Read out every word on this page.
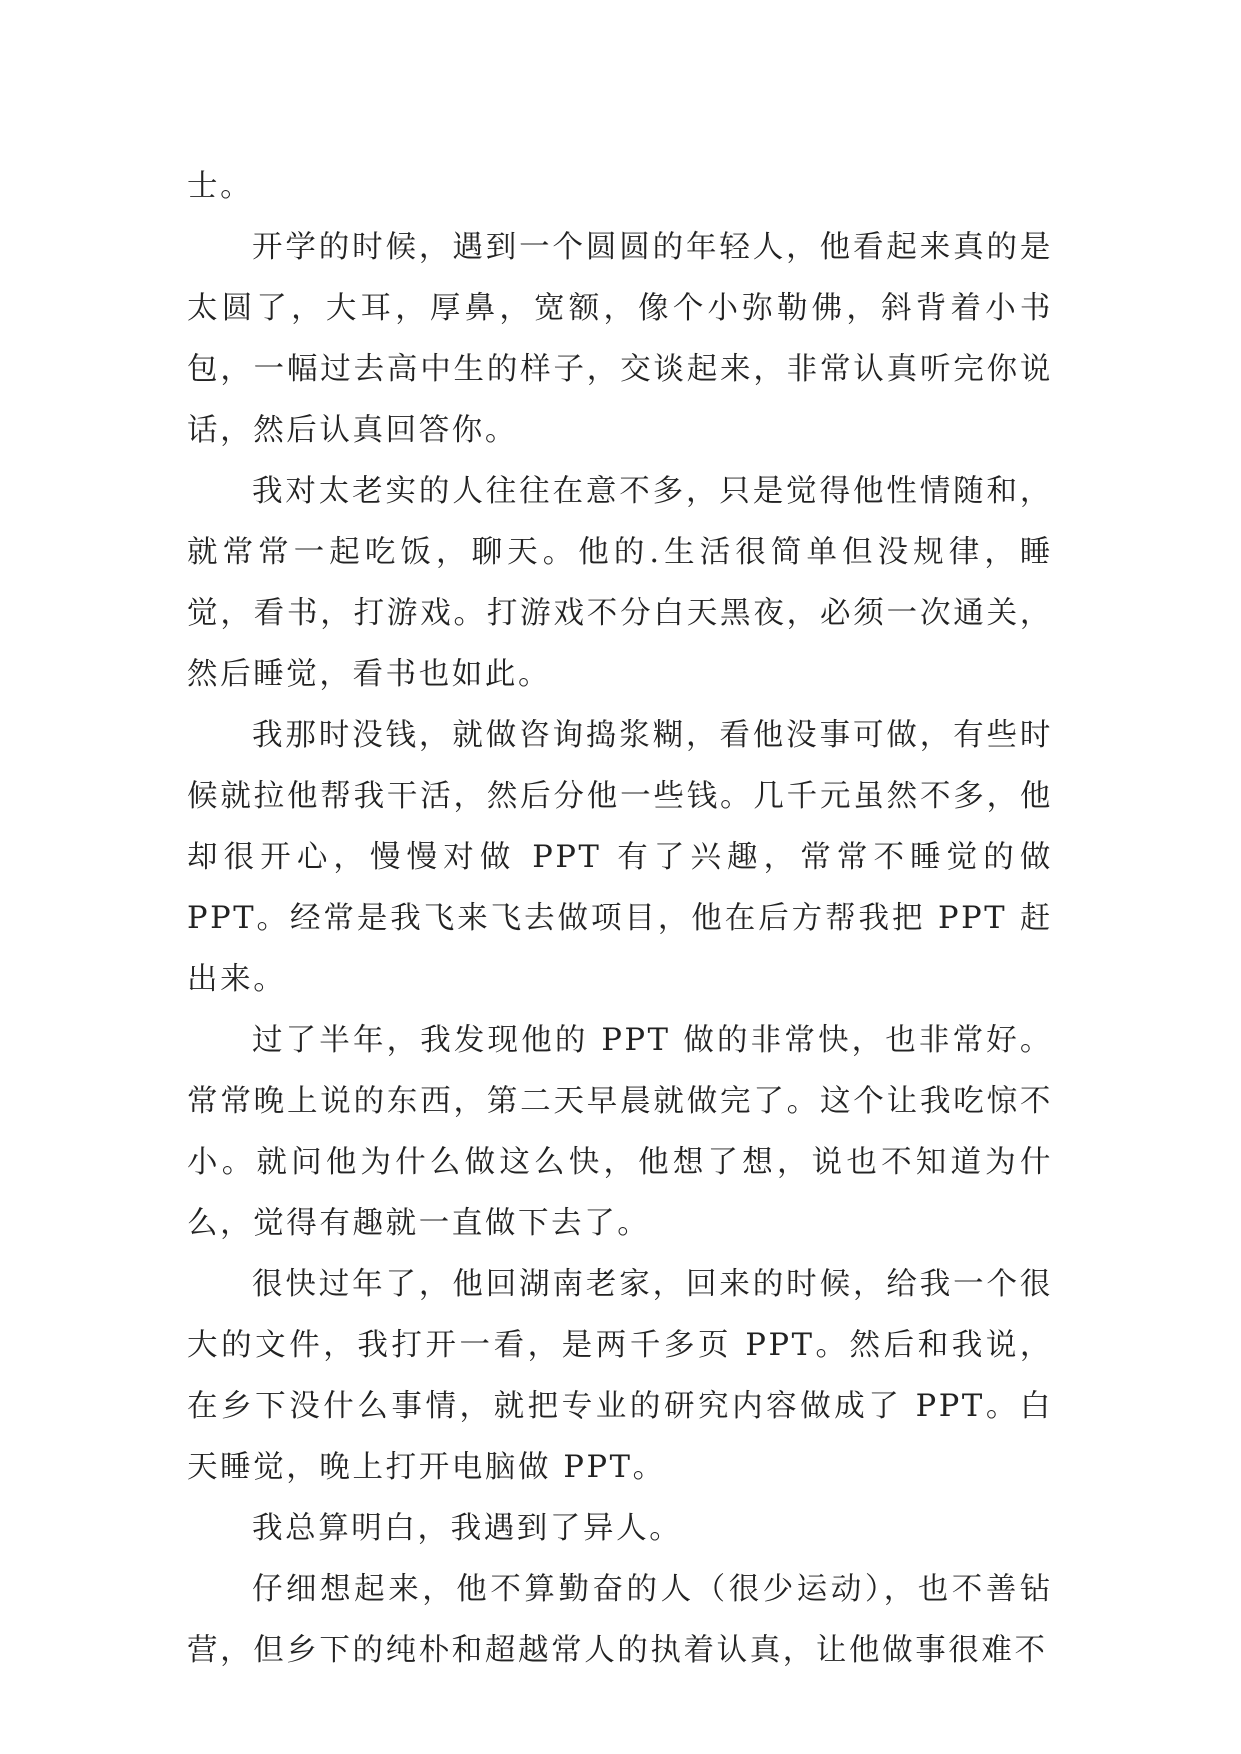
士。

开学的时候，遇到一个圆圆的年轻人，他看起来真的是太圆了，大耳，厚鼻，宽额，像个小弥勒佛，斜背着小书包，一幅过去高中生的样子，交谈起来，非常认真听完你说话，然后认真回答你。

我对太老实的人往往在意不多，只是觉得他性情随和，就常常一起吃饭，聊天。他的.生活很简单但没规律，睡觉，看书，打游戏。打游戏不分白天黑夜，必须一次通关，然后睡觉，看书也如此。

我那时没钱，就做咨询捣浆糊，看他没事可做，有些时候就拉他帮我干活，然后分他一些钱。几千元虽然不多，他却很开心，慢慢对做 PPT 有了兴趣，常常不睡觉的做 PPT。经常是我飞来飞去做项目，他在后方帮我把 PPT 赶出来。

过了半年，我发现他的 PPT 做的非常快，也非常好。常常晚上说的东西，第二天早晨就做完了。这个让我吃惊不小。就问他为什么做这么快，他想了想，说也不知道为什么，觉得有趣就一直做下去了。

很快过年了，他回湖南老家，回来的时候，给我一个很大的文件，我打开一看，是两千多页 PPT。然后和我说，在乡下没什么事情，就把专业的研究内容做成了 PPT。白天睡觉，晚上打开电脑做 PPT。

我总算明白，我遇到了异人。

仔细想起来，他不算勤奋的人（很少运动），也不善钻营，但乡下的纯朴和超越常人的执着认真，让他做事很难不
